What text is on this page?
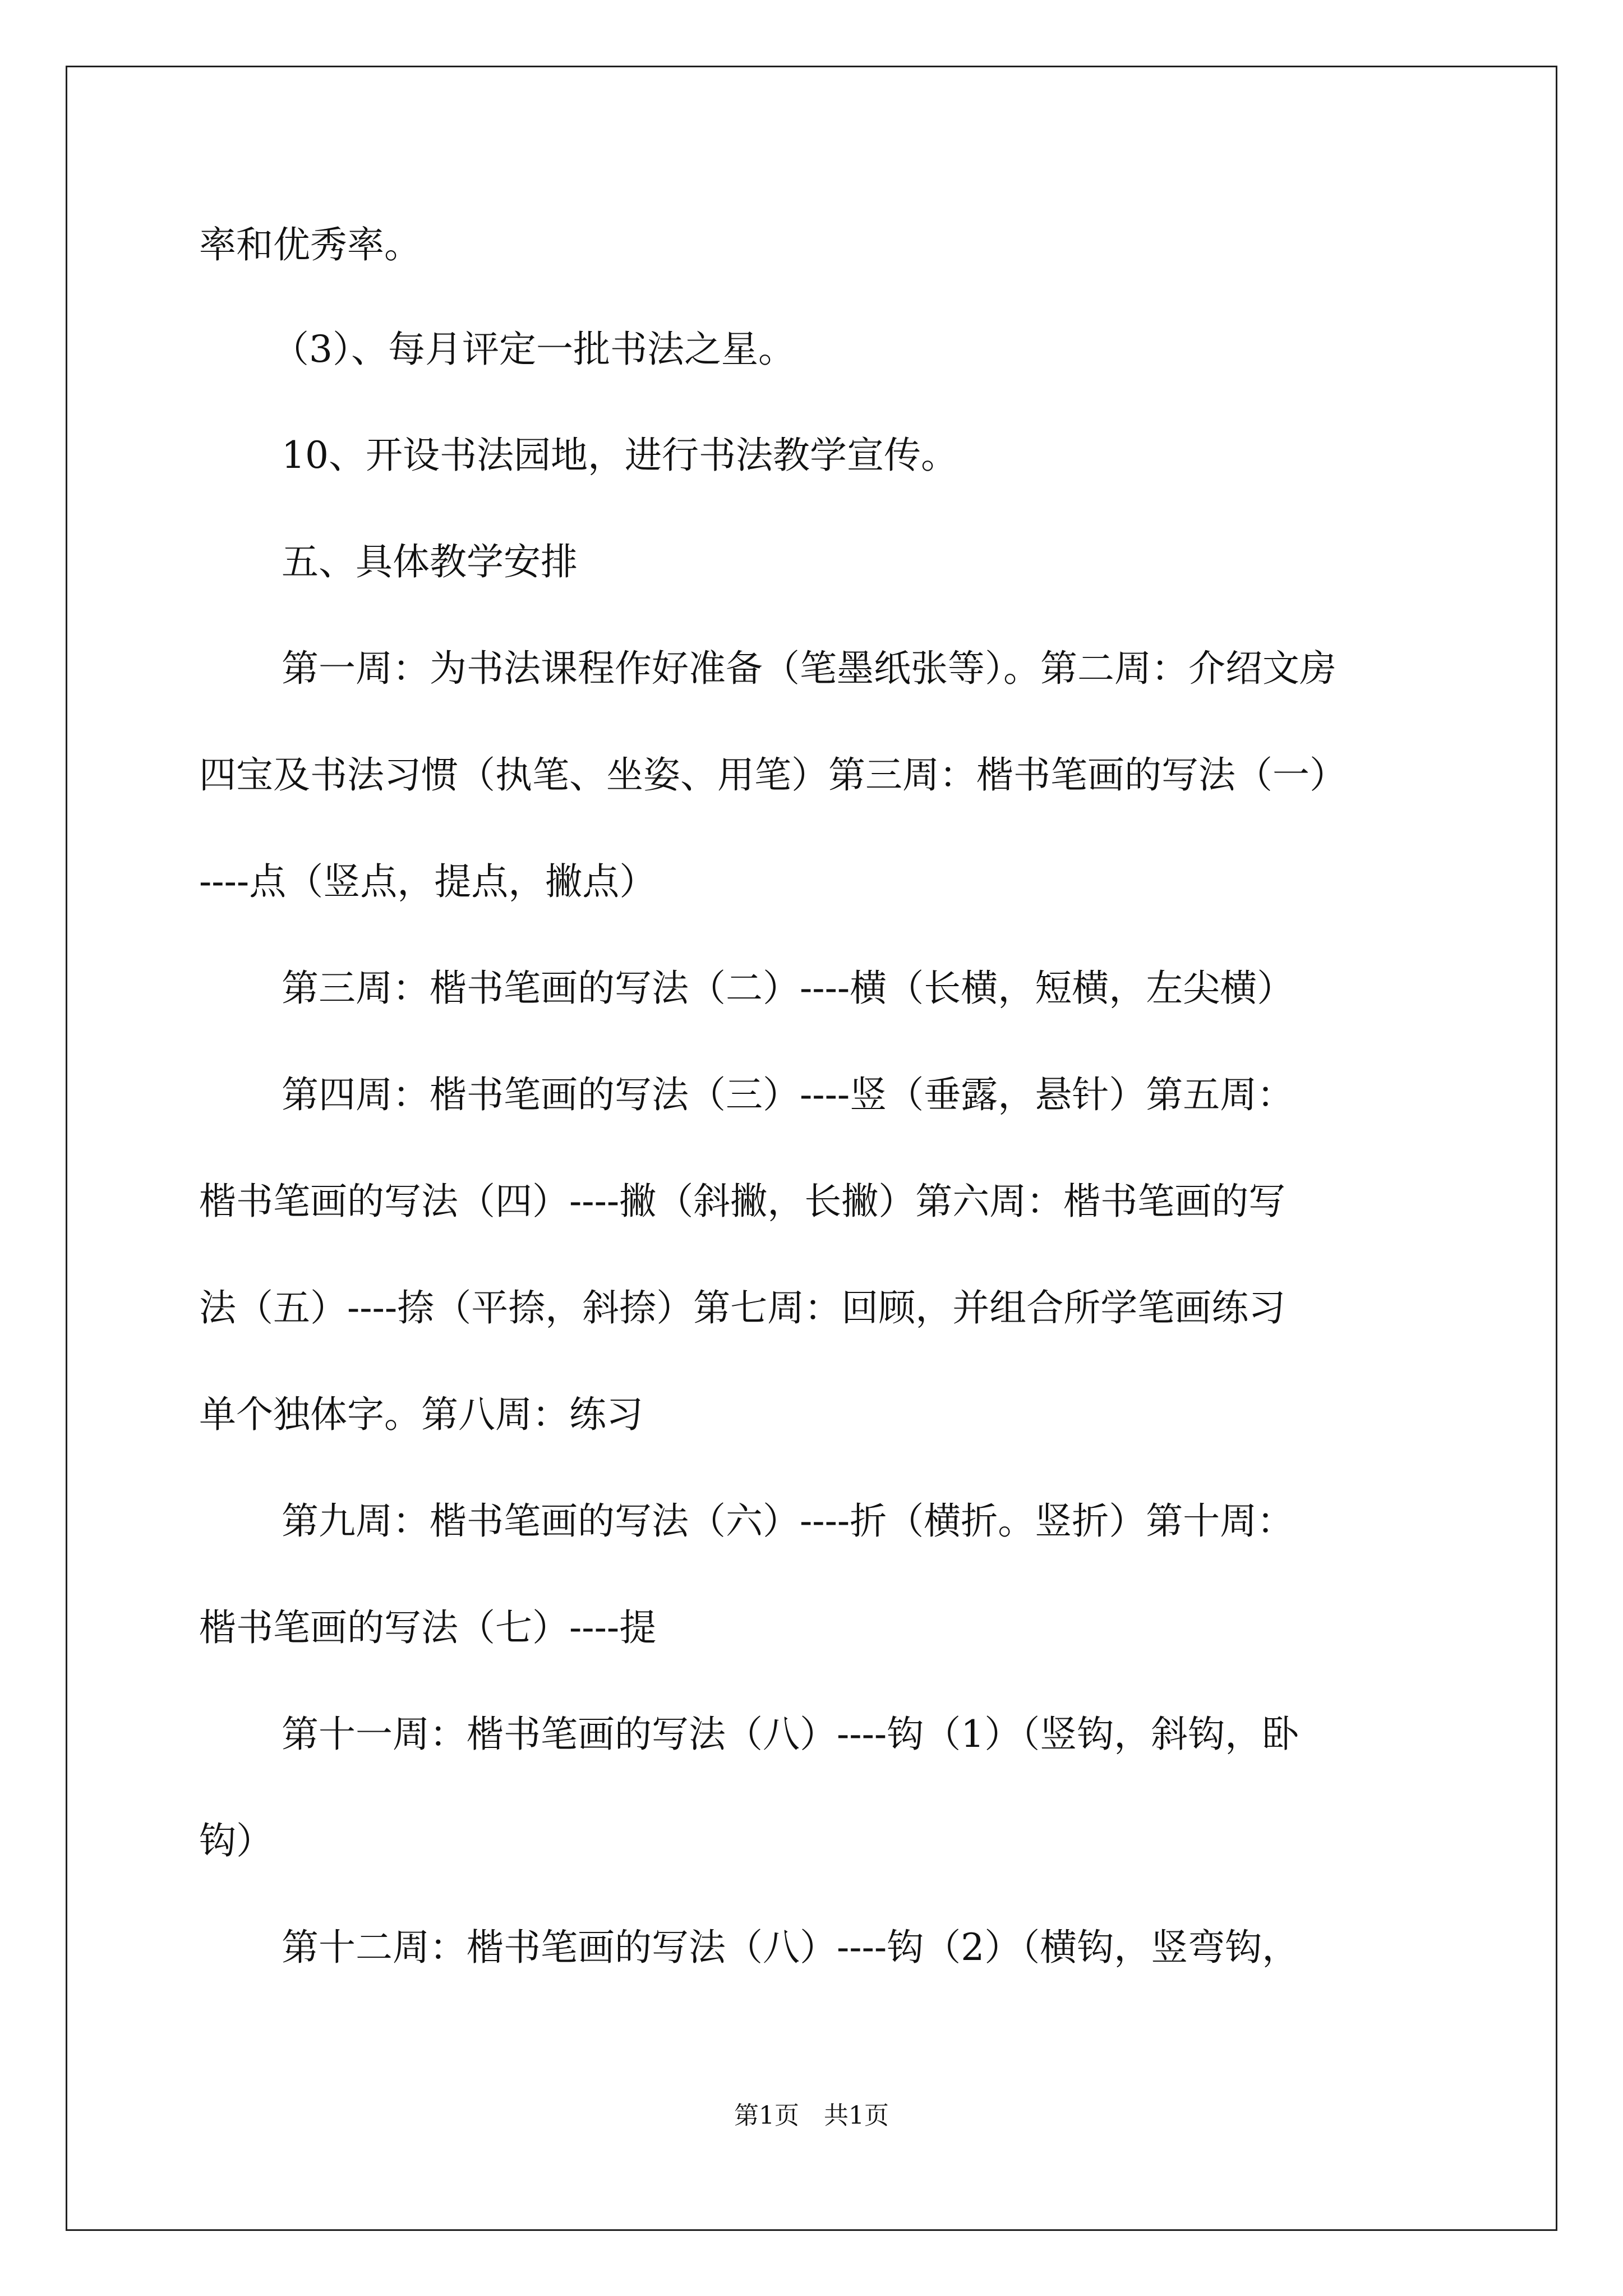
率和优秀率。
（3）、每月评定一批书法之星。
10、开设书法园地，进行书法教学宣传。
五、具体教学安排
第一周：为书法课程作好准备（笔墨纸张等）。第二周：介绍文房
四宝及书法习惯（执笔、坐姿、用笔）第三周：楷书笔画的写法（一）
----点（竖点，提点，撇点）
第三周：楷书笔画的写法（二）----横（长横，短横，左尖横）
第四周：楷书笔画的写法（三）----竖（垂露，悬针）第五周：
楷书笔画的写法（四）----撇（斜撇，长撇）第六周：楷书笔画的写
法（五）----捺（平捺，斜捺）第七周：回顾，并组合所学笔画练习
单个独体字。第八周：练习
第九周：楷书笔画的写法（六）----折（横折。竖折）第十周：
楷书笔画的写法（七）----提
第十一周：楷书笔画的写法（八）----钩（1）（竖钩，斜钩，卧
钩）
第十二周：楷书笔画的写法（八）----钩（2）（横钩，竖弯钩，
第1页　共1页
